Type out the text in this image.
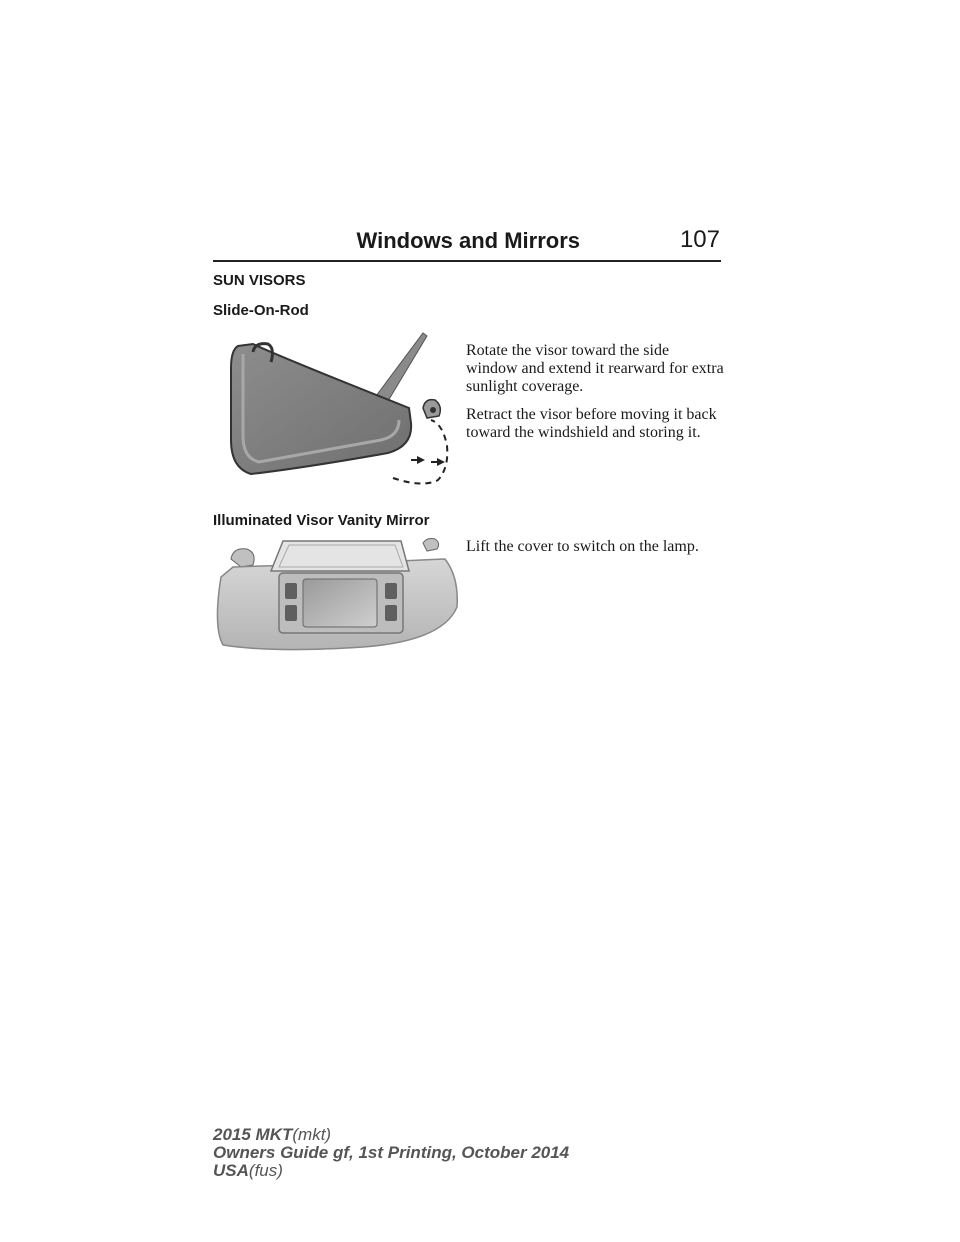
Windows and Mirrors	107
SUN VISORS
Slide-On-Rod
Rotate the visor toward the side window and extend it rearward for extra sunlight coverage.
Retract the visor before moving it back toward the windshield and storing it.
Illuminated Visor Vanity Mirror
Lift the cover to switch on the lamp.
2015 MKT(mkt)
Owners Guide gf, 1st Printing, October 2014
USA(fus)
